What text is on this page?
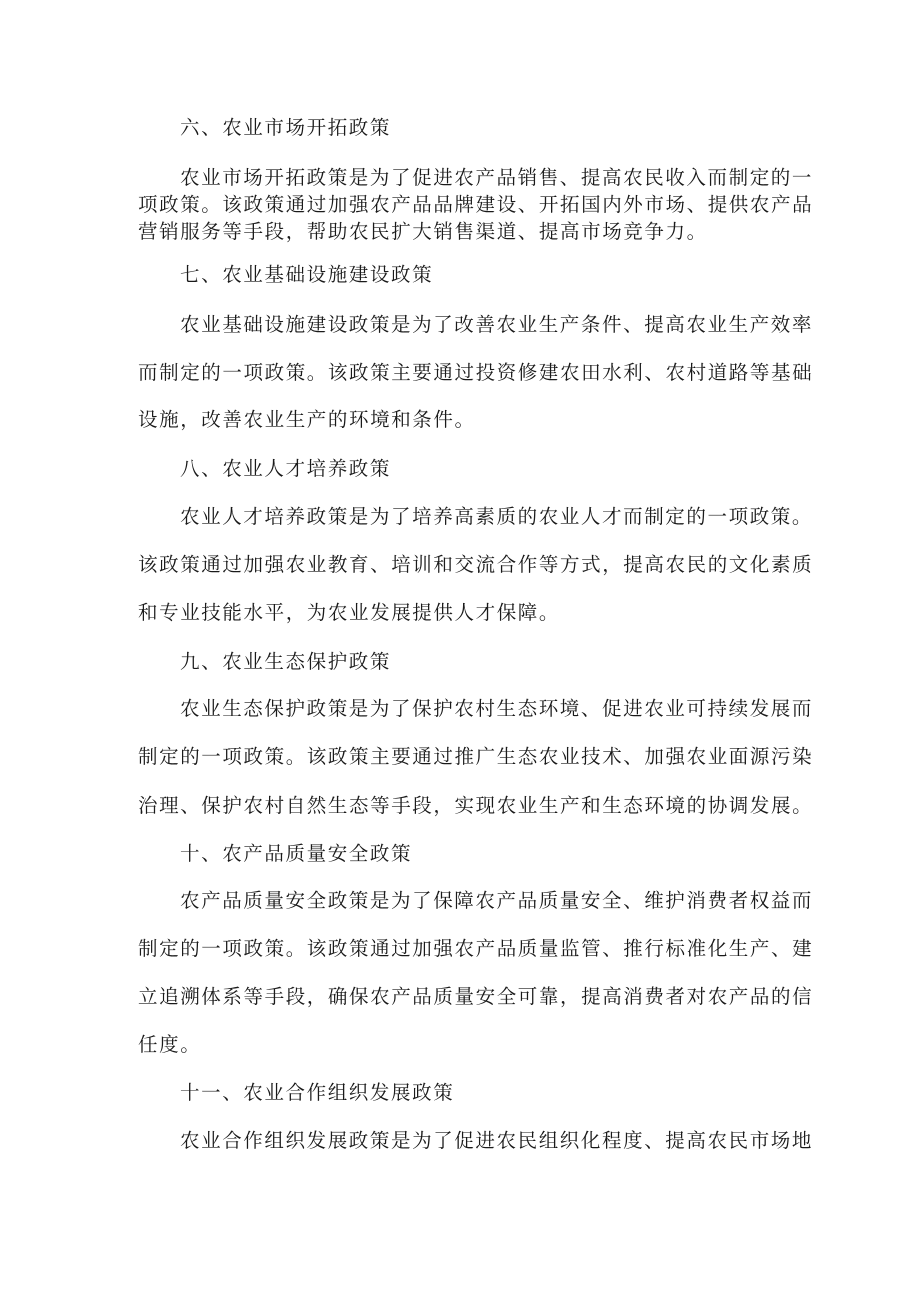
六、农业市场开拓政策
农业市场开拓政策是为了促进农产品销售、提高农民收入而制定的一
项政策。该政策通过加强农产品品牌建设、开拓国内外市场、提供农产品
营销服务等手段，帮助农民扩大销售渠道、提高市场竞争力。
七、农业基础设施建设政策
农业基础设施建设政策是为了改善农业生产条件、提高农业生产效率
而制定的一项政策。该政策主要通过投资修建农田水利、农村道路等基础
设施，改善农业生产的环境和条件。
八、农业人才培养政策
农业人才培养政策是为了培养高素质的农业人才而制定的一项政策。
该政策通过加强农业教育、培训和交流合作等方式，提高农民的文化素质
和专业技能水平，为农业发展提供人才保障。
九、农业生态保护政策
农业生态保护政策是为了保护农村生态环境、促进农业可持续发展而
制定的一项政策。该政策主要通过推广生态农业技术、加强农业面源污染
治理、保护农村自然生态等手段，实现农业生产和生态环境的协调发展。
十、农产品质量安全政策
农产品质量安全政策是为了保障农产品质量安全、维护消费者权益而
制定的一项政策。该政策通过加强农产品质量监管、推行标准化生产、建
立追溯体系等手段，确保农产品质量安全可靠，提高消费者对农产品的信
任度。
十一、农业合作组织发展政策
农业合作组织发展政策是为了促进农民组织化程度、提高农民市场地
